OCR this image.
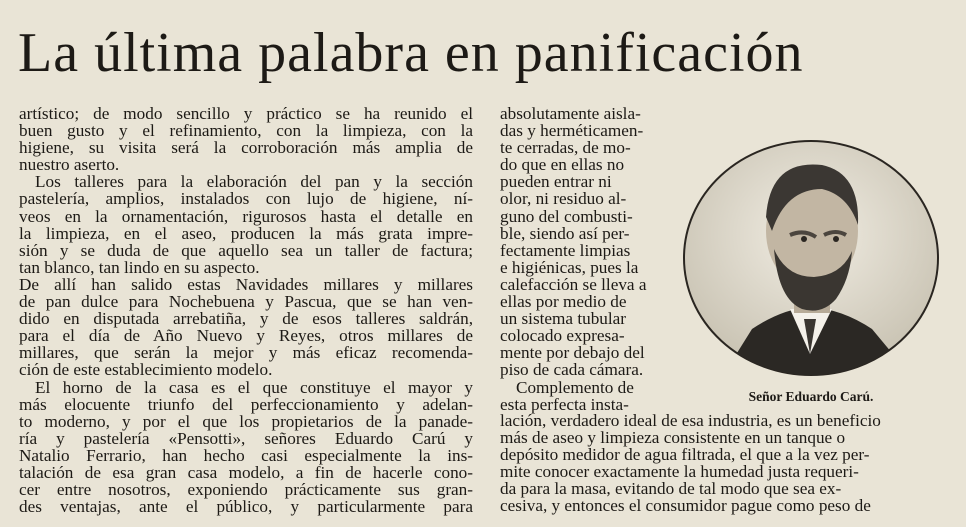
La última palabra en panificación

artístico; de modo sencillo y práctico se ha reunido el

buen gusto y el refinamiento, con la limpieza, con la

higiene, su visita será la corroboración más amplia de

nuestro aserto.

Los talleres para la elaboración del pan y la sección

pastelería, amplios, instalados con lujo de higiene, ní-

veos en la ornamentación, rigurosos hasta el detalle en

la limpieza, en el aseo, producen la más grata impre-

sión y se duda de que aquello sea un taller de factura;

tan blanco, tan lindo en su aspecto.

De allí han salido estas Navidades millares y millares

de pan dulce para Nochebuena y Pascua, que se han ven-

dido en disputada arrebatiña, y de esos talleres saldrán,

para el día de Año Nuevo y Reyes, otros millares de

millares, que serán la mejor y más eficaz recomenda-

ción de este establecimiento modelo.

El horno de la casa es el que constituye el mayor y

más elocuente triunfo del perfeccionamiento y adelan-

to moderno, y por el que los propietarios de la panade-

ría y pastelería «Pensotti», señores Eduardo Carú y

Natalio Ferrario, han hecho casi especialmente la ins-

talación de esa gran casa modelo, a fin de hacerle cono-

cer entre nosotros, exponiendo prácticamente sus gran-

des ventajas, ante el público, y particularmente para

absolutamente aisla-

das y herméticamen-

te cerradas, de mo-

do que en ellas no

pueden entrar ni

olor, ni residuo al-

guno del combusti-

ble, siendo así per-

fectamente limpias

e higiénicas, pues la

calefacción se lleva a

ellas por medio de

un sistema tubular

colocado expresa-

mente por debajo del

piso de cada cámara.

Complemento de

esta perfecta insta-	Señor Eduardo Carú.

lación, verdadero ideal de esa industria, es un beneficio

más de aseo y limpieza consistente en un tanque o

depósito medidor de agua filtrada, el que a la vez per-

mite conocer exactamente la humedad justa requeri-

da para la masa, evitando de tal modo que sea ex-

cesiva, y entonces el consumidor pague como peso de
